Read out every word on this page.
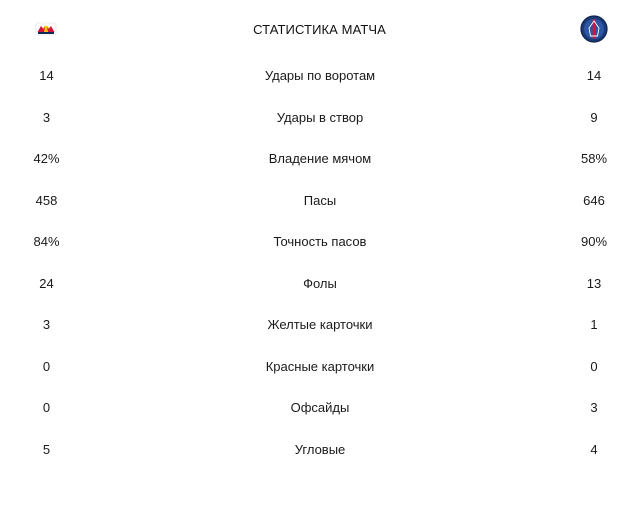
СТАТИСТИКА МАТЧА
14	Удары по воротам	14
3	Удары в створ	9
42%	Владение мячом	58%
458	Пасы	646
84%	Точность пасов	90%
24	Фолы	13
3	Желтые карточки	1
0	Красные карточки	0
0	Офсайды	3
5	Угловые	4
